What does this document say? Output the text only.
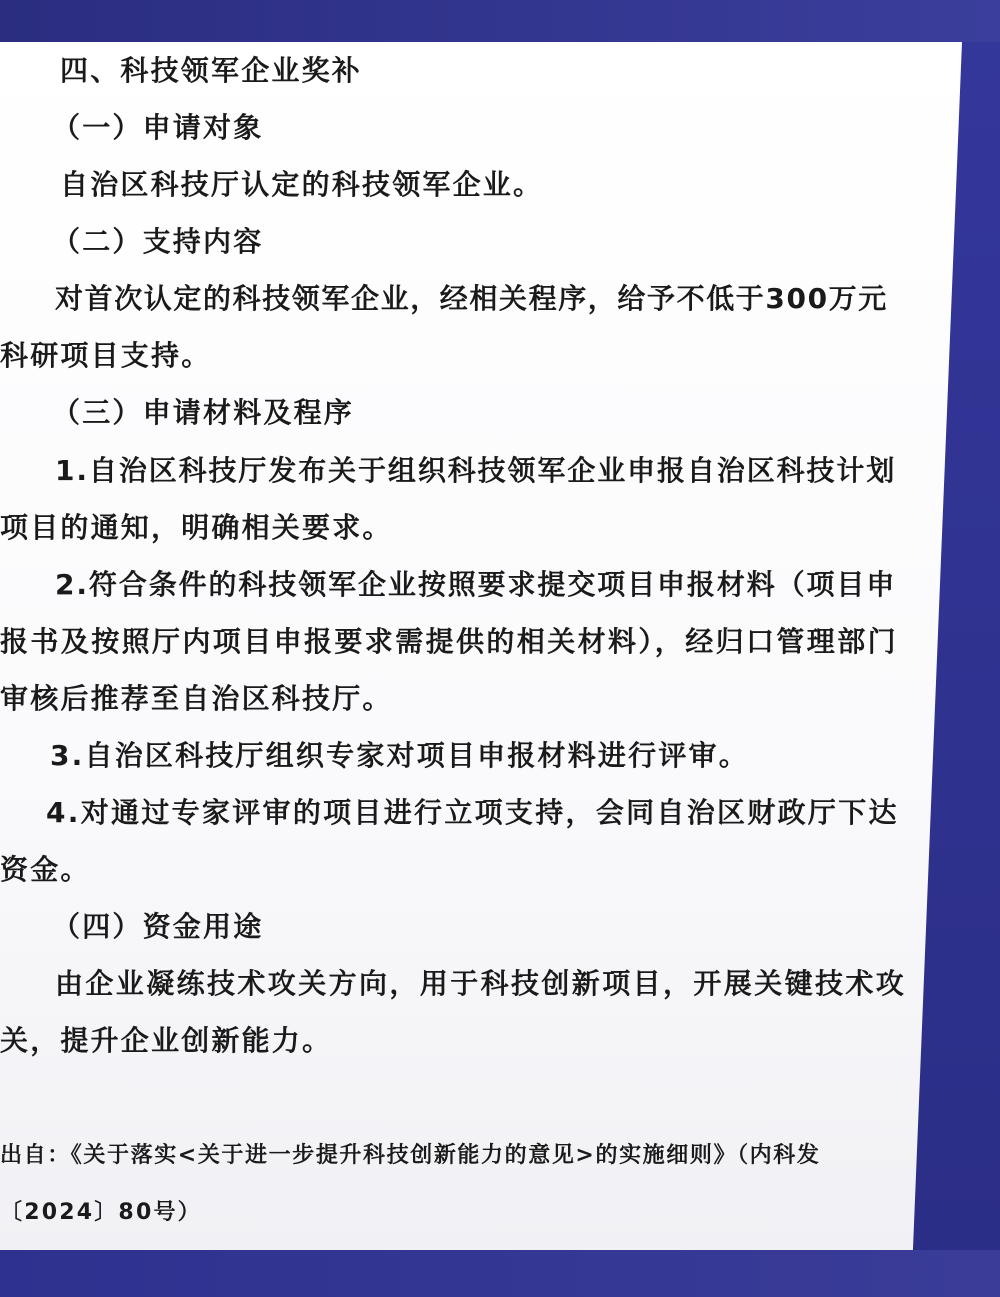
四、科技领军企业奖补
（一）申请对象
自治区科技厅认定的科技领军企业。
（二）支持内容
对首次认定的科技领军企业，经相关程序，给予不低于300万元
科研项目支持。
（三）申请材料及程序
1.自治区科技厅发布关于组织科技领军企业申报自治区科技计划
项目的通知，明确相关要求。
2.符合条件的科技领军企业按照要求提交项目申报材料（项目申
报书及按照厅内项目申报要求需提供的相关材料），经归口管理部门
审核后推荐至自治区科技厅。
3.自治区科技厅组织专家对项目申报材料进行评审。
4.对通过专家评审的项目进行立项支持，会同自治区财政厅下达
资金。
（四）资金用途
由企业凝练技术攻关方向，用于科技创新项目，开展关键技术攻
关，提升企业创新能力。
出自：《关于落实<关于进一步提升科技创新能力的意见>的实施细则》（内科发
〔2024〕80号）
